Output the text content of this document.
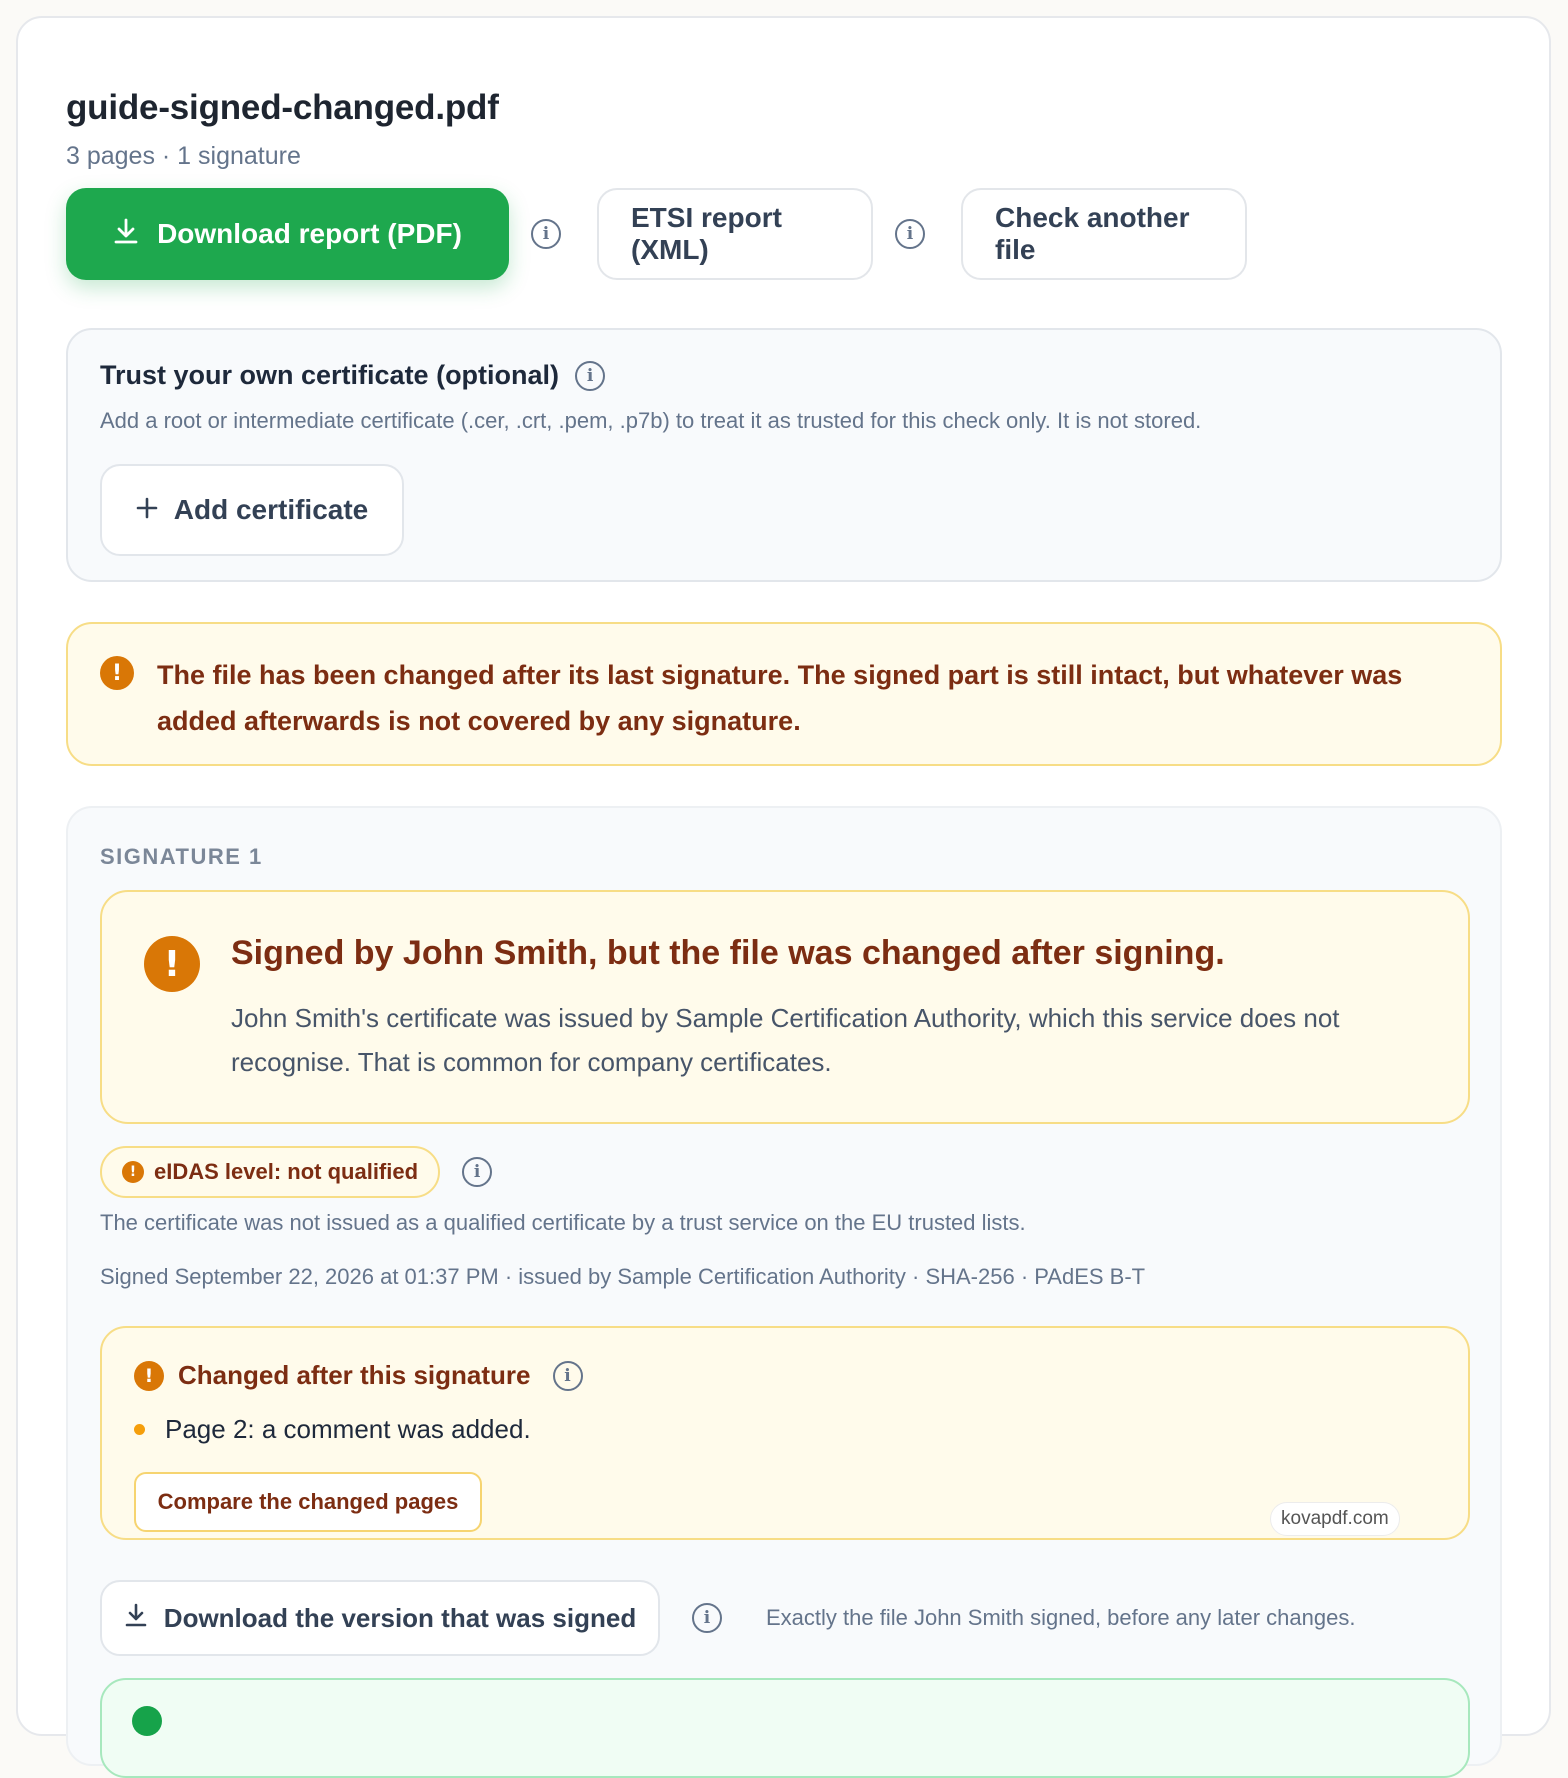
guide-signed-changed.pdf
3 pages · 1 signature
Download report (PDF)	i
ETSI report (XML)	i
Check another file
Trust your own certificate (optional)	i
Add a root or intermediate certificate (.cer, .crt, .pem, .p7b) to treat it as trusted for this check only. It is not stored.
Add certificate
!	The file has been changed after its last signature. The signed part is still intact, but whatever was added afterwards is not covered by any signature.
SIGNATURE 1
!	Signed by John Smith, but the file was changed after signing.
John Smith's certificate was issued by Sample Certification Authority, which this service does not recognise. That is common for company certificates.
! eIDAS level: not qualified	i
The certificate was not issued as a qualified certificate by a trust service on the EU trusted lists.
Signed September 22, 2026 at 01:37 PM · issued by Sample Certification Authority · SHA-256 · PAdES B-T
! Changed after this signature	i
Page 2: a comment was added.
Compare the changed pages
kovapdf.com
Download the version that was signed	i	Exactly the file John Smith signed, before any later changes.
